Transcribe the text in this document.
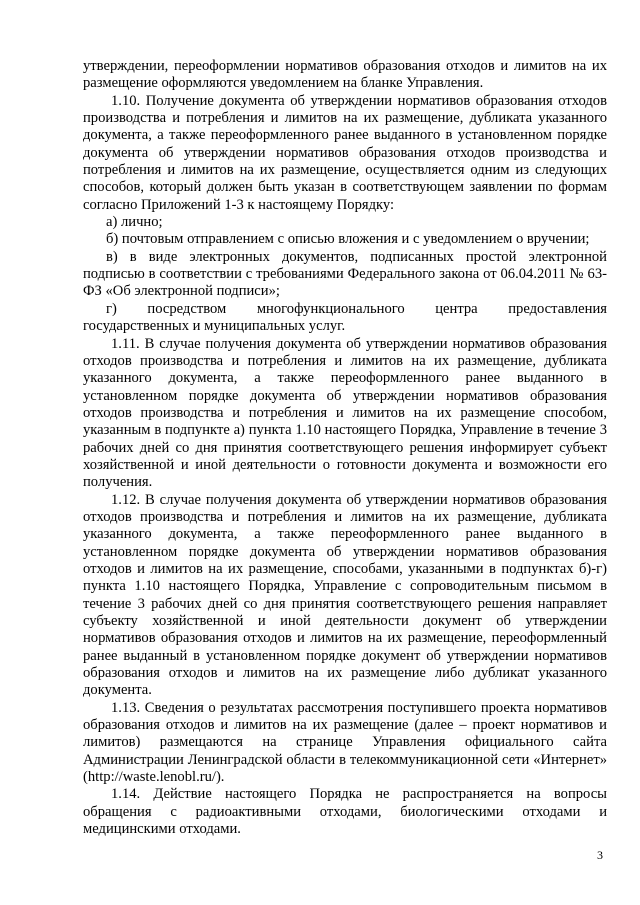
утверждении, переоформлении нормативов образования отходов и лимитов на их размещение оформляются уведомлением на бланке Управления.

1.10. Получение документа об утверждении нормативов образования отходов производства и потребления и лимитов на их размещение, дубликата указанного документа, а также переоформленного ранее выданного в установленном порядке документа об утверждении нормативов образования отходов производства и потребления и лимитов на их размещение, осуществляется одним из следующих способов, который должен быть указан в соответствующем заявлении по формам согласно Приложений 1-3 к настоящему Порядку:

а) лично;

б) почтовым отправлением с описью вложения и с уведомлением о вручении;

в) в виде электронных документов, подписанных простой электронной подписью в соответствии с требованиями Федерального закона от 06.04.2011 № 63-ФЗ «Об электронной подписи»;

г) посредством многофункционального центра предоставления государственных и муниципальных услуг.

1.11. В случае получения документа об утверждении нормативов образования отходов производства и потребления и лимитов на их размещение, дубликата указанного документа, а также переоформленного ранее выданного в установленном порядке документа об утверждении нормативов образования отходов производства и потребления и лимитов на их размещение способом, указанным в подпункте а) пункта 1.10 настоящего Порядка, Управление в течение 3 рабочих дней со дня принятия соответствующего решения информирует субъект хозяйственной и иной деятельности о готовности документа и возможности его получения.

1.12. В случае получения документа об утверждении нормативов образования отходов производства и потребления и лимитов на их размещение, дубликата указанного документа, а также переоформленного ранее выданного в установленном порядке документа об утверждении нормативов образования отходов и лимитов на их размещение, способами, указанными в подпунктах б)-г) пункта 1.10 настоящего Порядка, Управление с сопроводительным письмом в течение 3 рабочих дней со дня принятия соответствующего решения направляет субъекту хозяйственной и иной деятельности документ об утверждении нормативов образования отходов и лимитов на их размещение, переоформленный ранее выданный в установленном порядке документ об утверждении нормативов образования отходов и лимитов на их размещение либо дубликат указанного документа.

1.13. Сведения о результатах рассмотрения поступившего проекта нормативов образования отходов и лимитов на их размещение (далее – проект нормативов и лимитов) размещаются на странице Управления официального сайта Администрации Ленинградской области в телекоммуникационной сети «Интернет» (http://waste.lenobl.ru/).

1.14. Действие настоящего Порядка не распространяется на вопросы обращения с радиоактивными отходами, биологическими отходами и медицинскими отходами.

3
